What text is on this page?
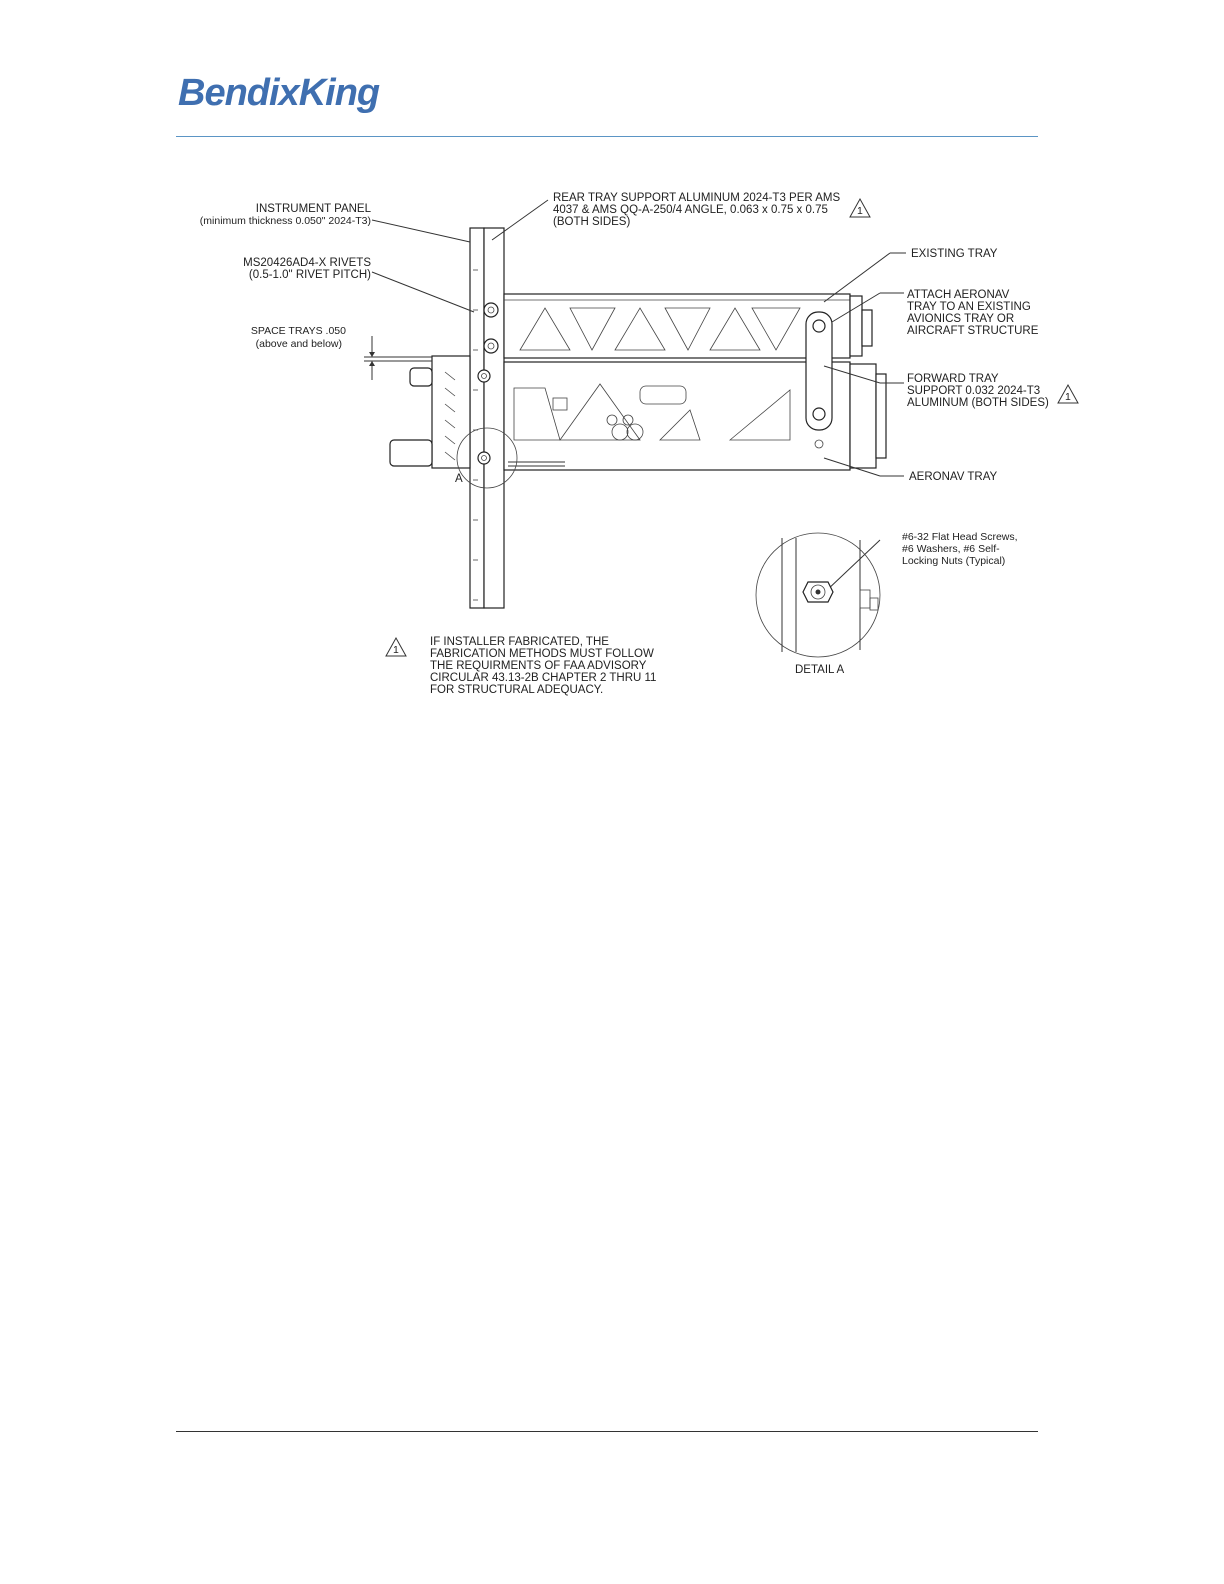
BendixKing
1
1
1
INSTRUMENT PANEL
(minimum thickness 0.050" 2024-T3)
MS20426AD4-X RIVETS
(0.5-1.0" RIVET PITCH)
SPACE TRAYS .050
(above and below)
REAR TRAY SUPPORT ALUMINUM 2024-T3 PER AMS
4037 & AMS QQ-A-250/4 ANGLE, 0.063 x 0.75 x 0.75
(BOTH SIDES)
EXISTING TRAY
ATTACH AERONAV
TRAY TO AN EXISTING
AVIONICS TRAY OR
AIRCRAFT STRUCTURE
FORWARD TRAY
SUPPORT 0.032 2024-T3
ALUMINUM (BOTH SIDES)
AERONAV TRAY
#6-32 Flat Head Screws,
#6 Washers, #6 Self-
Locking Nuts (Typical)
DETAIL A
A
IF INSTALLER FABRICATED, THE
FABRICATION METHODS MUST FOLLOW
THE REQUIRMENTS OF FAA ADVISORY
CIRCULAR 43.13-2B CHAPTER 2 THRU 11
FOR STRUCTURAL ADEQUACY.
